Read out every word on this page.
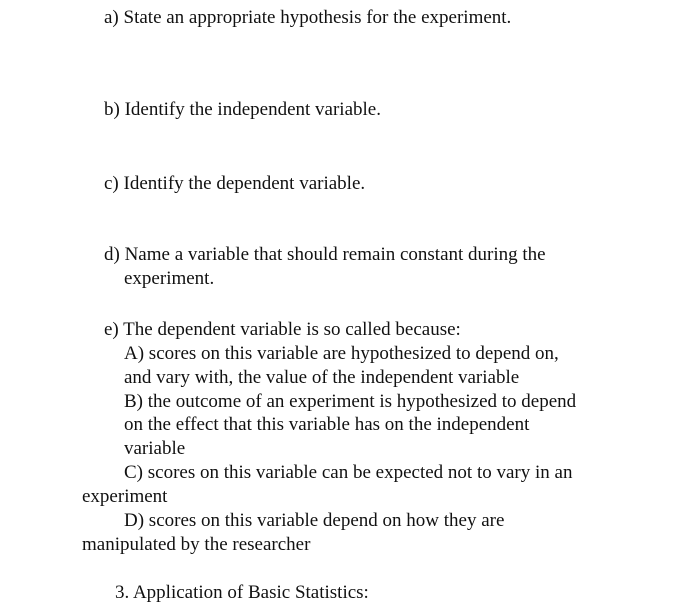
a) State an appropriate hypothesis for the experiment.

b) Identify the independent variable.

c) Identify the dependent variable.

d) Name a variable that should remain constant during the

experiment.

e) The dependent variable is so called because:

A) scores on this variable are hypothesized to depend on,

and vary with, the value of the independent variable

B) the outcome of an experiment is hypothesized to depend

on the effect that this variable has on the independent

variable

C) scores on this variable can be expected not to vary in an

experiment

D) scores on this variable depend on how they are

manipulated by the researcher

3. Application of Basic Statistics:
